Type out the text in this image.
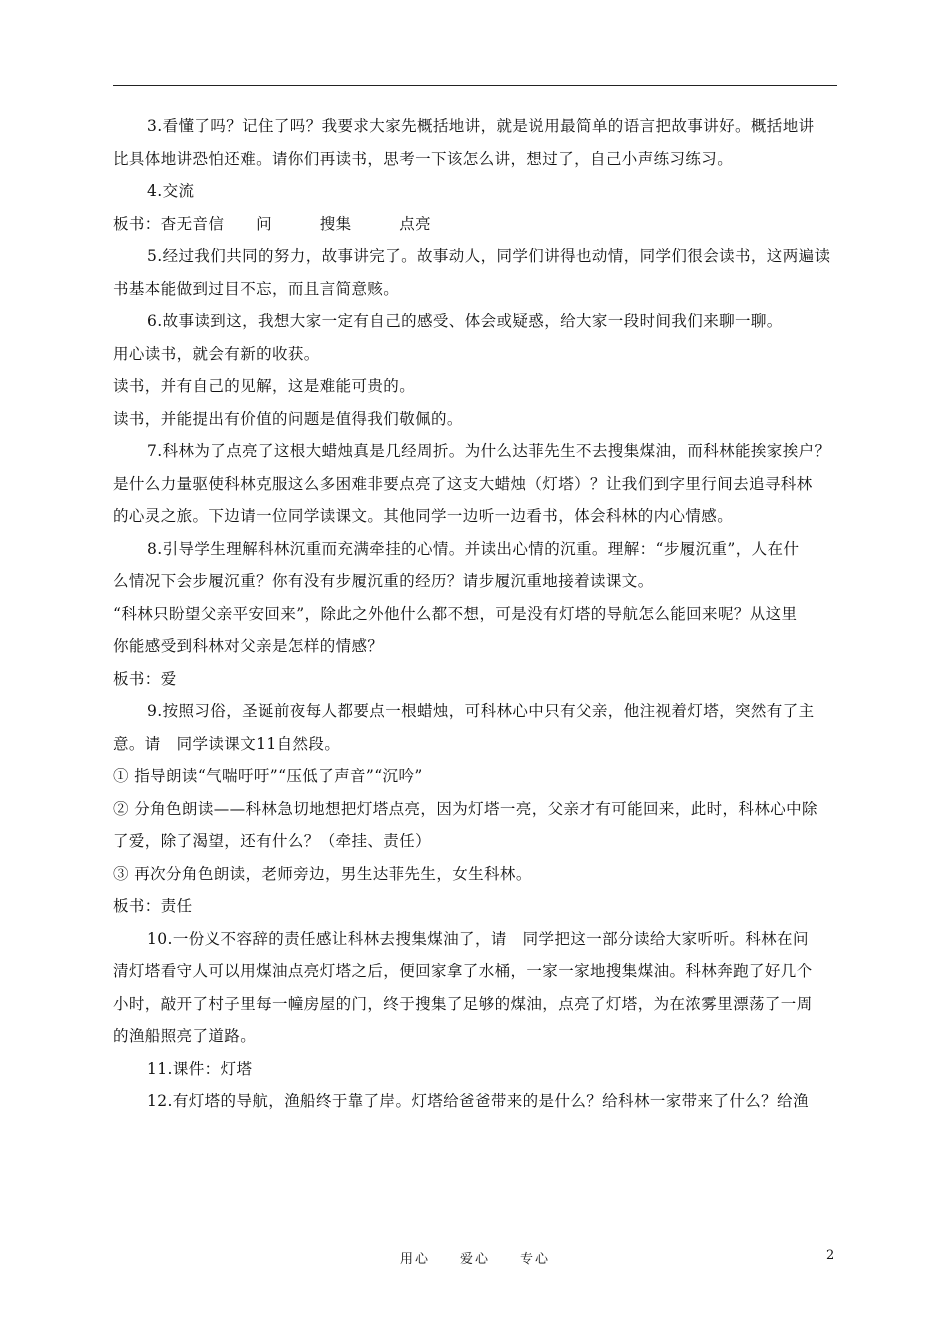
3.看懂了吗？记住了吗？我要求大家先概括地讲，就是说用最简单的语言把故事讲好。概括地讲
比具体地讲恐怕还难。请你们再读书，思考一下该怎么讲，想过了，自己小声练习练习。
4.交流
板书：杳无音信　　问　　　搜集　　　点亮
5.经过我们共同的努力，故事讲完了。故事动人，同学们讲得也动情，同学们很会读书，这两遍读
书基本能做到过目不忘，而且言简意赅。
6.故事读到这，我想大家一定有自己的感受、体会或疑惑，给大家一段时间我们来聊一聊。
用心读书，就会有新的收获。
读书，并有自己的见解，这是难能可贵的。
读书，并能提出有价值的问题是值得我们敬佩的。
7.科林为了点亮了这根大蜡烛真是几经周折。为什么达菲先生不去搜集煤油，而科林能挨家挨户？
是什么力量驱使科林克服这么多困难非要点亮了这支大蜡烛（灯塔）？让我们到字里行间去追寻科林
的心灵之旅。下边请一位同学读课文。其他同学一边听一边看书，体会科林的内心情感。
8.引导学生理解科林沉重而充满牵挂的心情。并读出心情的沉重。理解：“步履沉重”，人在什
么情况下会步履沉重？你有没有步履沉重的经历？请步履沉重地接着读课文。
“科林只盼望父亲平安回来”，除此之外他什么都不想，可是没有灯塔的导航怎么能回来呢？从这里
你能感受到科林对父亲是怎样的情感？
板书：爱
9.按照习俗，圣诞前夜每人都要点一根蜡烛，可科林心中只有父亲，他注视着灯塔，突然有了主
意。请　同学读课文11自然段。
① 指导朗读“气喘吁吁”“压低了声音”“沉吟”
② 分角色朗读——科林急切地想把灯塔点亮，因为灯塔一亮，父亲才有可能回来，此时，科林心中除
了爱，除了渴望，还有什么？（牵挂、责任）
③ 再次分角色朗读，老师旁边，男生达菲先生，女生科林。
板书：责任
10.一份义不容辞的责任感让科林去搜集煤油了，请　同学把这一部分读给大家听听。科林在问
清灯塔看守人可以用煤油点亮灯塔之后，便回家拿了水桶，一家一家地搜集煤油。科林奔跑了好几个
小时，敲开了村子里每一幢房屋的门，终于搜集了足够的煤油，点亮了灯塔，为在浓雾里漂荡了一周
的渔船照亮了道路。
11.课件：灯塔
12.有灯塔的导航，渔船终于靠了岸。灯塔给爸爸带来的是什么？给科林一家带来了什么？给渔
用心　　爱心　　专心	2
